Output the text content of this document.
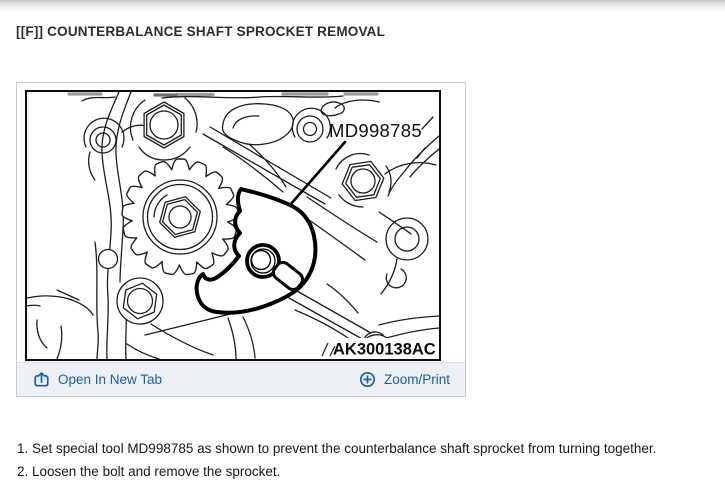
[[F]] COUNTERBALANCE SHAFT SPROCKET REMOVAL
MD998785
AK300138AC
Open In New Tab	Zoom/Print
1. Set special tool MD998785 as shown to prevent the counterbalance shaft sprocket from turning together.
2. Loosen the bolt and remove the sprocket.
